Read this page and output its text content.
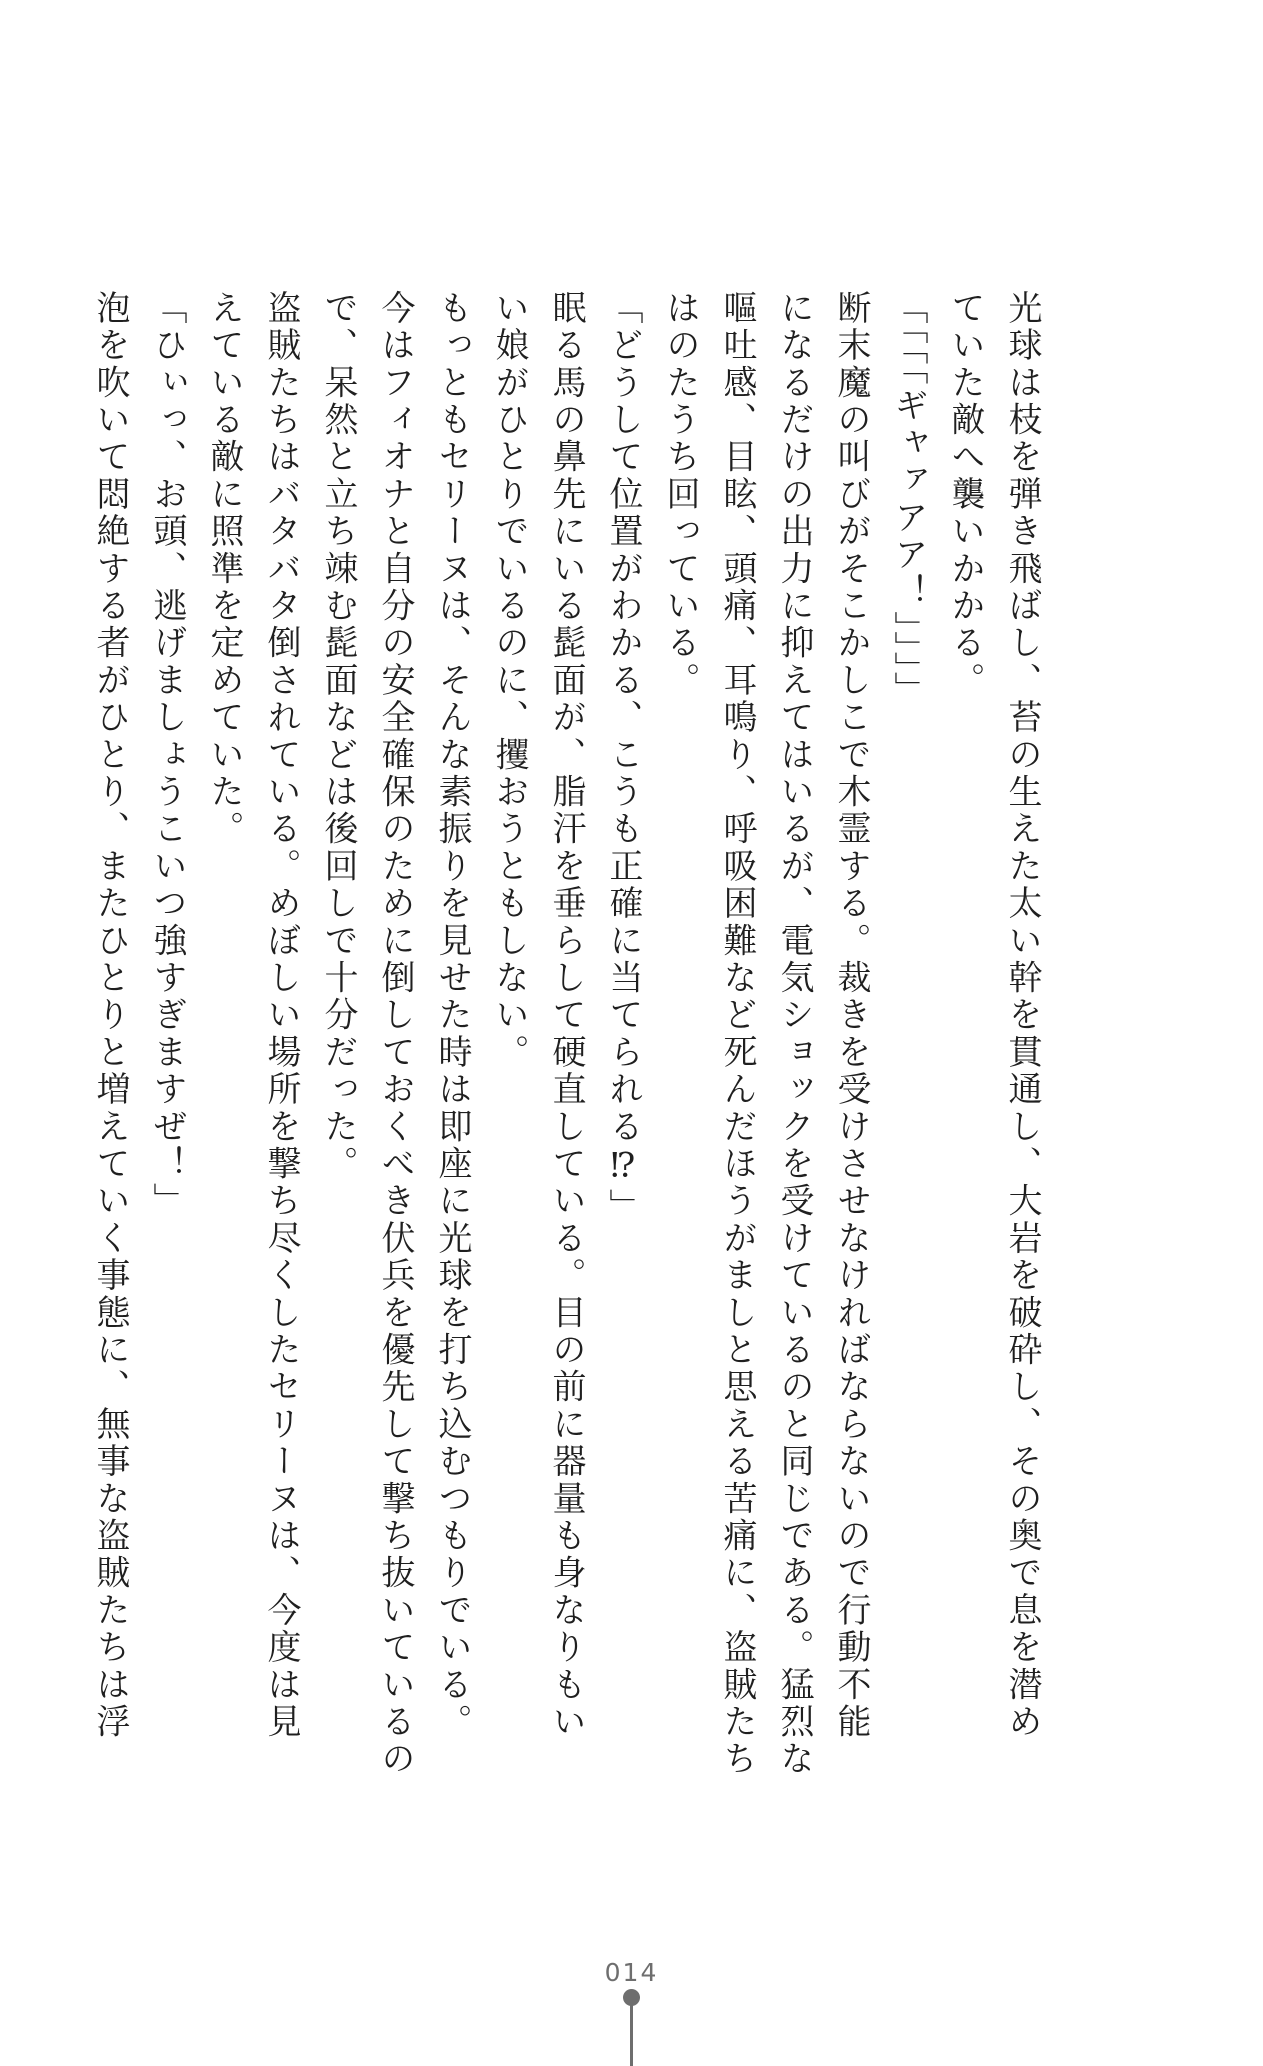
光球は枝を弾き飛ばし、苔の生えた太い幹を貫通し、大岩を破砕し、その奥で息を潜め
ていた敵へ襲いかかる。
「「「「ギャァアア！」」」」
断末魔の叫びがそこかしこで木霊する。裁きを受けさせなければならないので行動不能
になるだけの出力に抑えてはいるが、電気ショックを受けているのと同じである。猛烈な
嘔吐感、目眩、頭痛、耳鳴り、呼吸困難など死んだほうがましと思える苦痛に、盗賊たち
はのたうち回っている。
「どうして位置がわかる、こうも正確に当てられる⁉」
眠る馬の鼻先にいる髭面が、脂汗を垂らして硬直している。目の前に器量も身なりもい
い娘がひとりでいるのに、攫おうともしない。
もっともセリーヌは、そんな素振りを見せた時は即座に光球を打ち込むつもりでいる。
今はフィオナと自分の安全確保のために倒しておくべき伏兵を優先して撃ち抜いているの
で、呆然と立ち竦む髭面などは後回しで十分だった。
盗賊たちはバタバタ倒されている。めぼしい場所を撃ち尽くしたセリーヌは、今度は見
えている敵に照準を定めていた。
「ひぃっ、お頭、逃げましょうこいつ強すぎますぜ！」
泡を吹いて悶絶する者がひとり、またひとりと増えていく事態に、無事な盗賊たちは浮
014
